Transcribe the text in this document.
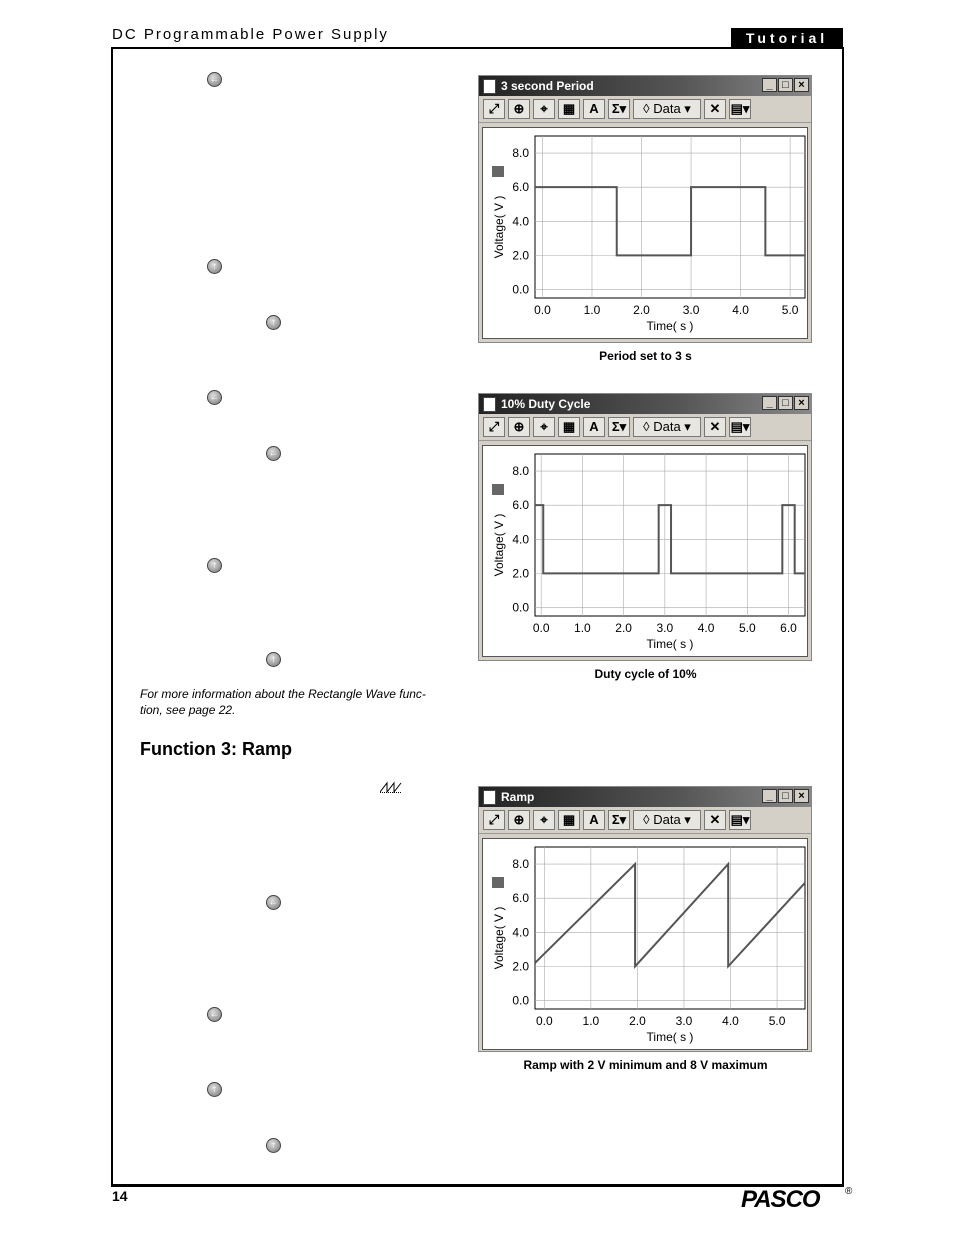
DC Programmable Power Supply	Tutorial
←
↑
↑
←
←
↑
↑
←
←
↑
↑
For more information about the Rectangle Wave func-tion, see page 22.
Function 3: Ramp
3 second Period	_ □ ×
⤢	⊕	⌖	▦	A	Σ▾	◊ Data ▾	✕ ▤▾
0.0	1.0	2.0	3.0	4.0	5.0
0.0
2.0
4.0
6.0
8.0
Time( s )
Voltage( V )
Period set to 3 s
10% Duty Cycle	_ □ ×
⤢	⊕	⌖	▦	A	Σ▾	◊ Data ▾	✕ ▤▾
0.0 1.0 2.0 3.0 4.0 5.0 6.0
0.0
2.0
4.0
6.0
8.0
Time( s )
Voltage( V )
Duty cycle of 10%
Ramp	_ □ ×
⤢	⊕	⌖	▦	A	Σ▾	◊ Data ▾	✕ ▤▾
0.0 1.0 2.0 3.0 4.0 5.0
0.0
2.0
4.0
6.0
8.0
Time( s )
Voltage( V )
Ramp with 2 V minimum and 8 V maximum
14	PASCO	®
